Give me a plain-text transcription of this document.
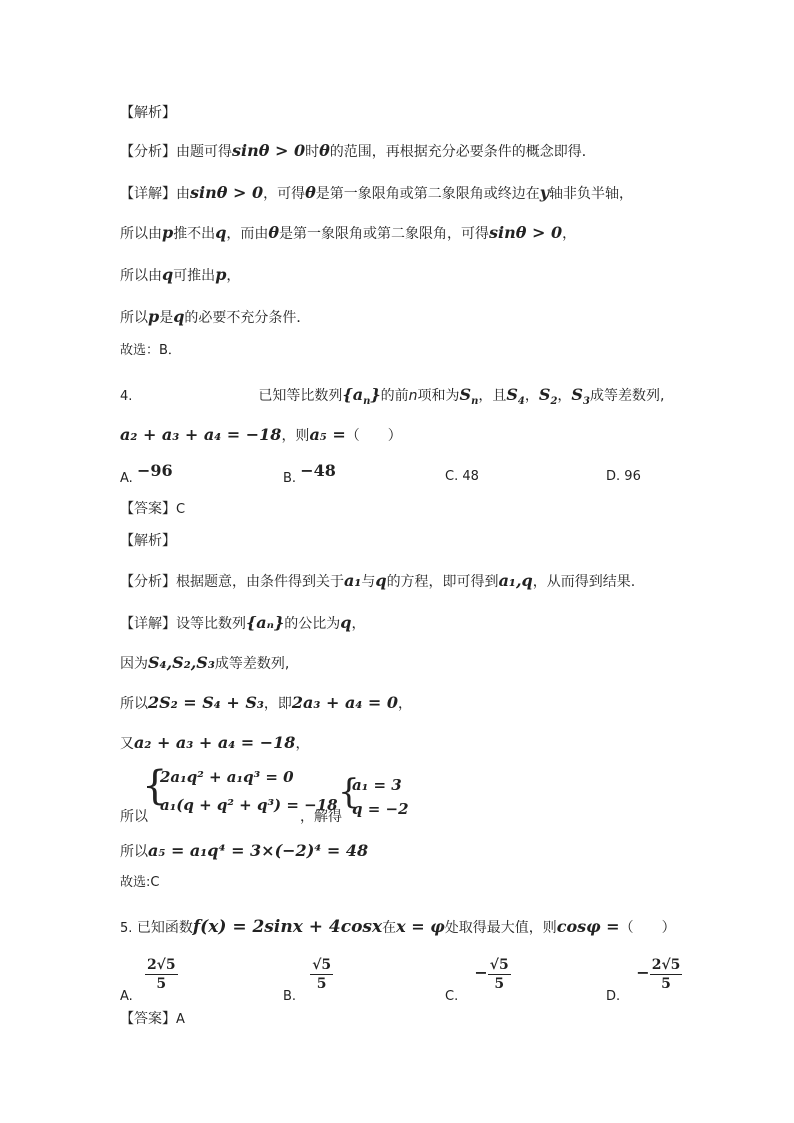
【解析】
【分析】由题可得sinθ > 0时θ的范围，再根据充分必要条件的概念即得．
【详解】由sinθ > 0，可得θ是第一象限角或第二象限角或终边在y轴非负半轴，
所以由p推不出q，而由θ是第一象限角或第二象限角，可得sinθ > 0，
所以由q可推出p，
所以p是q的必要不充分条件．
故选：B．
4.	已知等比数列$\{a_n\}$的前n项和为$S_n$，且$S_4$，$S_2$，$S_3$成等差数列,
a₂ + a₃ + a₄ = −18，则a₅ =（　　）
A. −96	B. −48	C. 48	D. 96
【答案】C
【解析】
【分析】根据题意，由条件得到关于a₁与q的方程，即可得到a₁,q，从而得到结果.
【详解】设等比数列{aₙ}的公比为q，
因为S₄,S₂,S₃成等差数列,
所以2S₂ = S₄ + S₃，即2a₃ + a₄ = 0，
又a₂ + a₃ + a₄ = −18，
所以
{
2a₁q² + a₁q³ = 0
a₁(q + q² + q³) = −18
，解得
{
a₁ = 3
q = −2
所以a₅ = a₁q⁴ = 3×(−2)⁴ = 48
故选:C
5. 已知函数f(x) = 2sinx + 4cosx在x = φ处取得最大值，则cosφ =（　　）
A.
$\frac{2√5}{5}$
B.
$\frac{√5}{5}$
C. − $\frac{√5}{5}$
D. − $\frac{2√5}{5}$
【答案】A
